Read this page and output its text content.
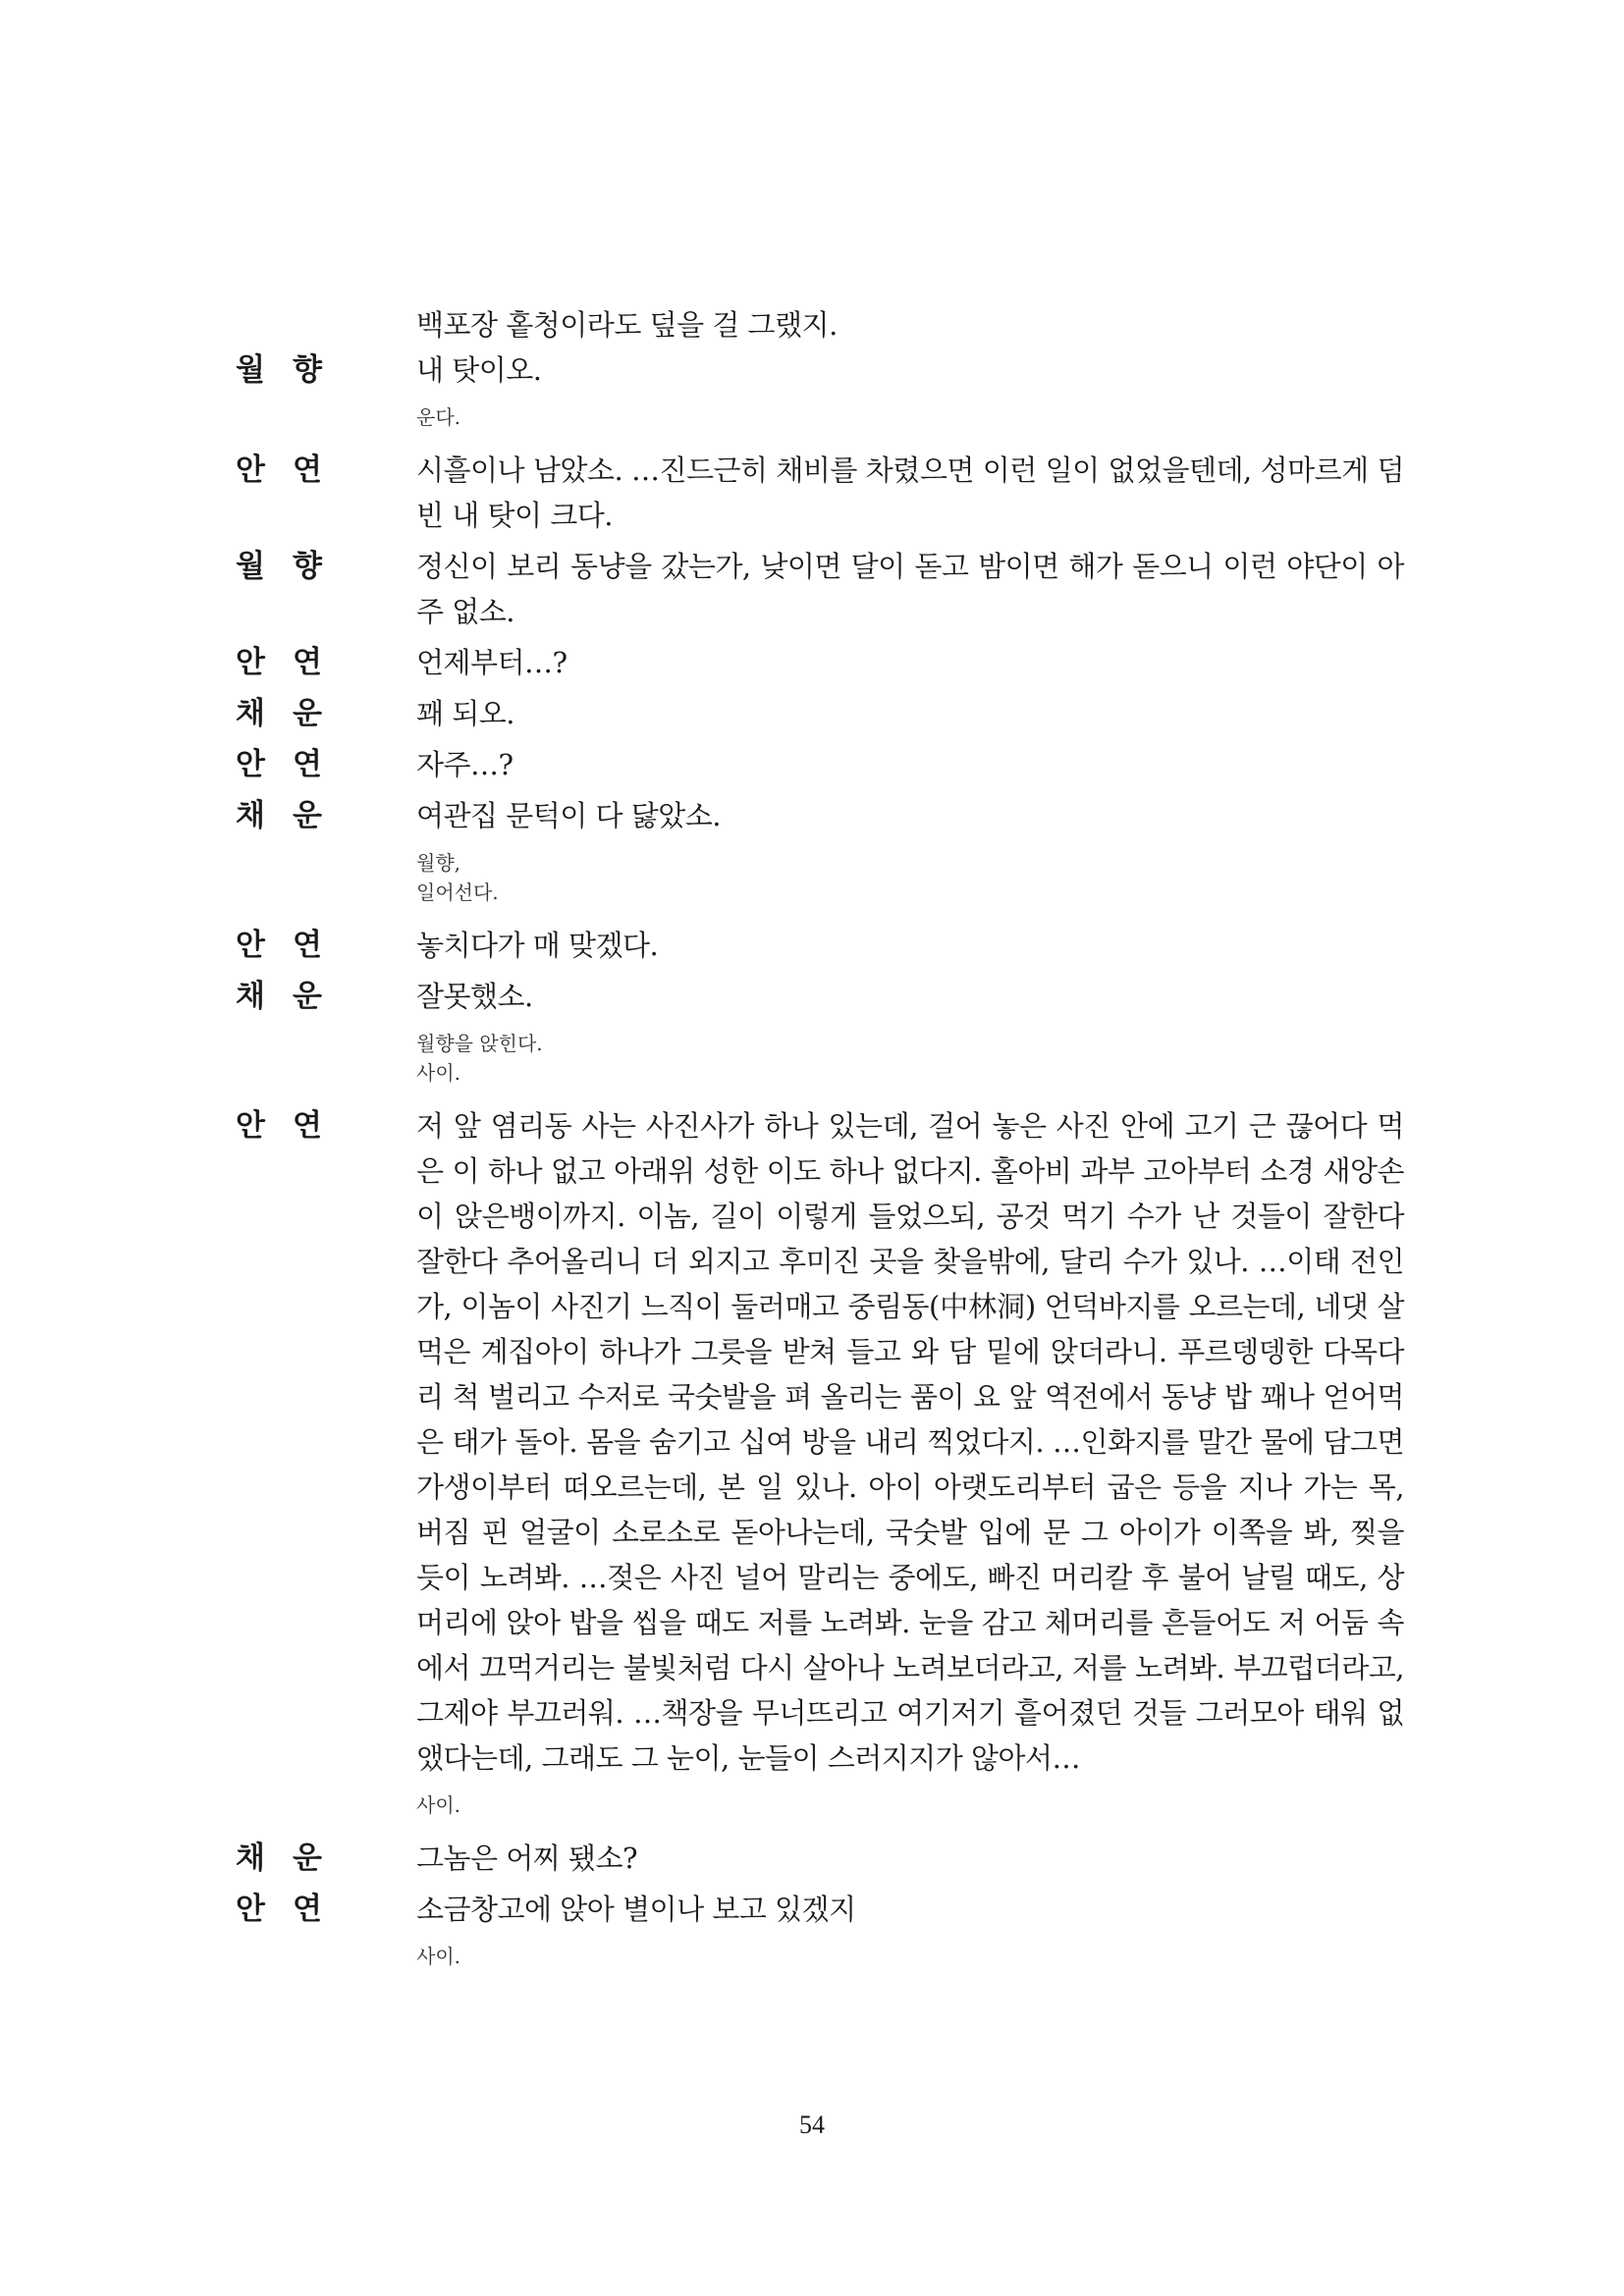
백포장 홑청이라도 덮을 걸 그랬지.
월향	내 탓이오.
운다.
안연	시흘이나 남았소. …진드근히 채비를 차렸으면 이런 일이 없었을텐데, 성마르게 덤빈 내 탓이 크다.
월향	정신이 보리 동냥을 갔는가, 낮이면 달이 돋고 밤이면 해가 돋으니 이런 야단이 아주 없소.
안연	언제부터…?
채운	꽤 되오.
안연	자주…?
채운	여관집 문턱이 다 닳았소.
월향,
일어선다.
안연	놓치다가 매 맞겠다.
채운	잘못했소.
월향을 앉힌다.
사이.
안연	저 앞 염리동 사는 사진사가 하나 있는데, 걸어 놓은 사진 안에 고기 근 끊어다 먹은 이 하나 없고 아래위 성한 이도 하나 없다지. 홀아비 과부 고아부터 소경 새앙손이 앉은뱅이까지. 이놈, 길이 이렇게 들었으되, 공것 먹기 수가 난 것들이 잘한다 잘한다 추어올리니 더 외지고 후미진 곳을 찾을밖에, 달리 수가 있나. …이태 전인가, 이놈이 사진기 느직이 둘러매고 중림동(中林洞) 언덕바지를 오르는데, 네댓 살 먹은 계집아이 하나가 그릇을 받쳐 들고 와 담 밑에 앉더라니. 푸르뎅뎅한 다목다리 척 벌리고 수저로 국숫발을 펴 올리는 품이 요 앞 역전에서 동냥 밥 꽤나 얻어먹은 태가 돌아. 몸을 숨기고 십여 방을 내리 찍었다지. …인화지를 말간 물에 담그면 가생이부터 떠오르는데, 본 일 있나. 아이 아랫도리부터 굽은 등을 지나 가는 목, 버짐 핀 얼굴이 소로소로 돋아나는데, 국숫발 입에 문 그 아이가 이쪽을 봐, 찢을 듯이 노려봐. …젖은 사진 널어 말리는 중에도, 빠진 머리칼 후 불어 날릴 때도, 상머리에 앉아 밥을 씹을 때도 저를 노려봐. 눈을 감고 체머리를 흔들어도 저 어둠 속에서 끄먹거리는 불빛처럼 다시 살아나 노려보더라고, 저를 노려봐. 부끄럽더라고, 그제야 부끄러워. …책장을 무너뜨리고 여기저기 흩어졌던 것들 그러모아 태워 없앴다는데, 그래도 그 눈이, 눈들이 스러지지가 않아서…
사이.
채운	그놈은 어찌 됐소?
안연	소금창고에 앉아 별이나 보고 있겠지
사이.
54
